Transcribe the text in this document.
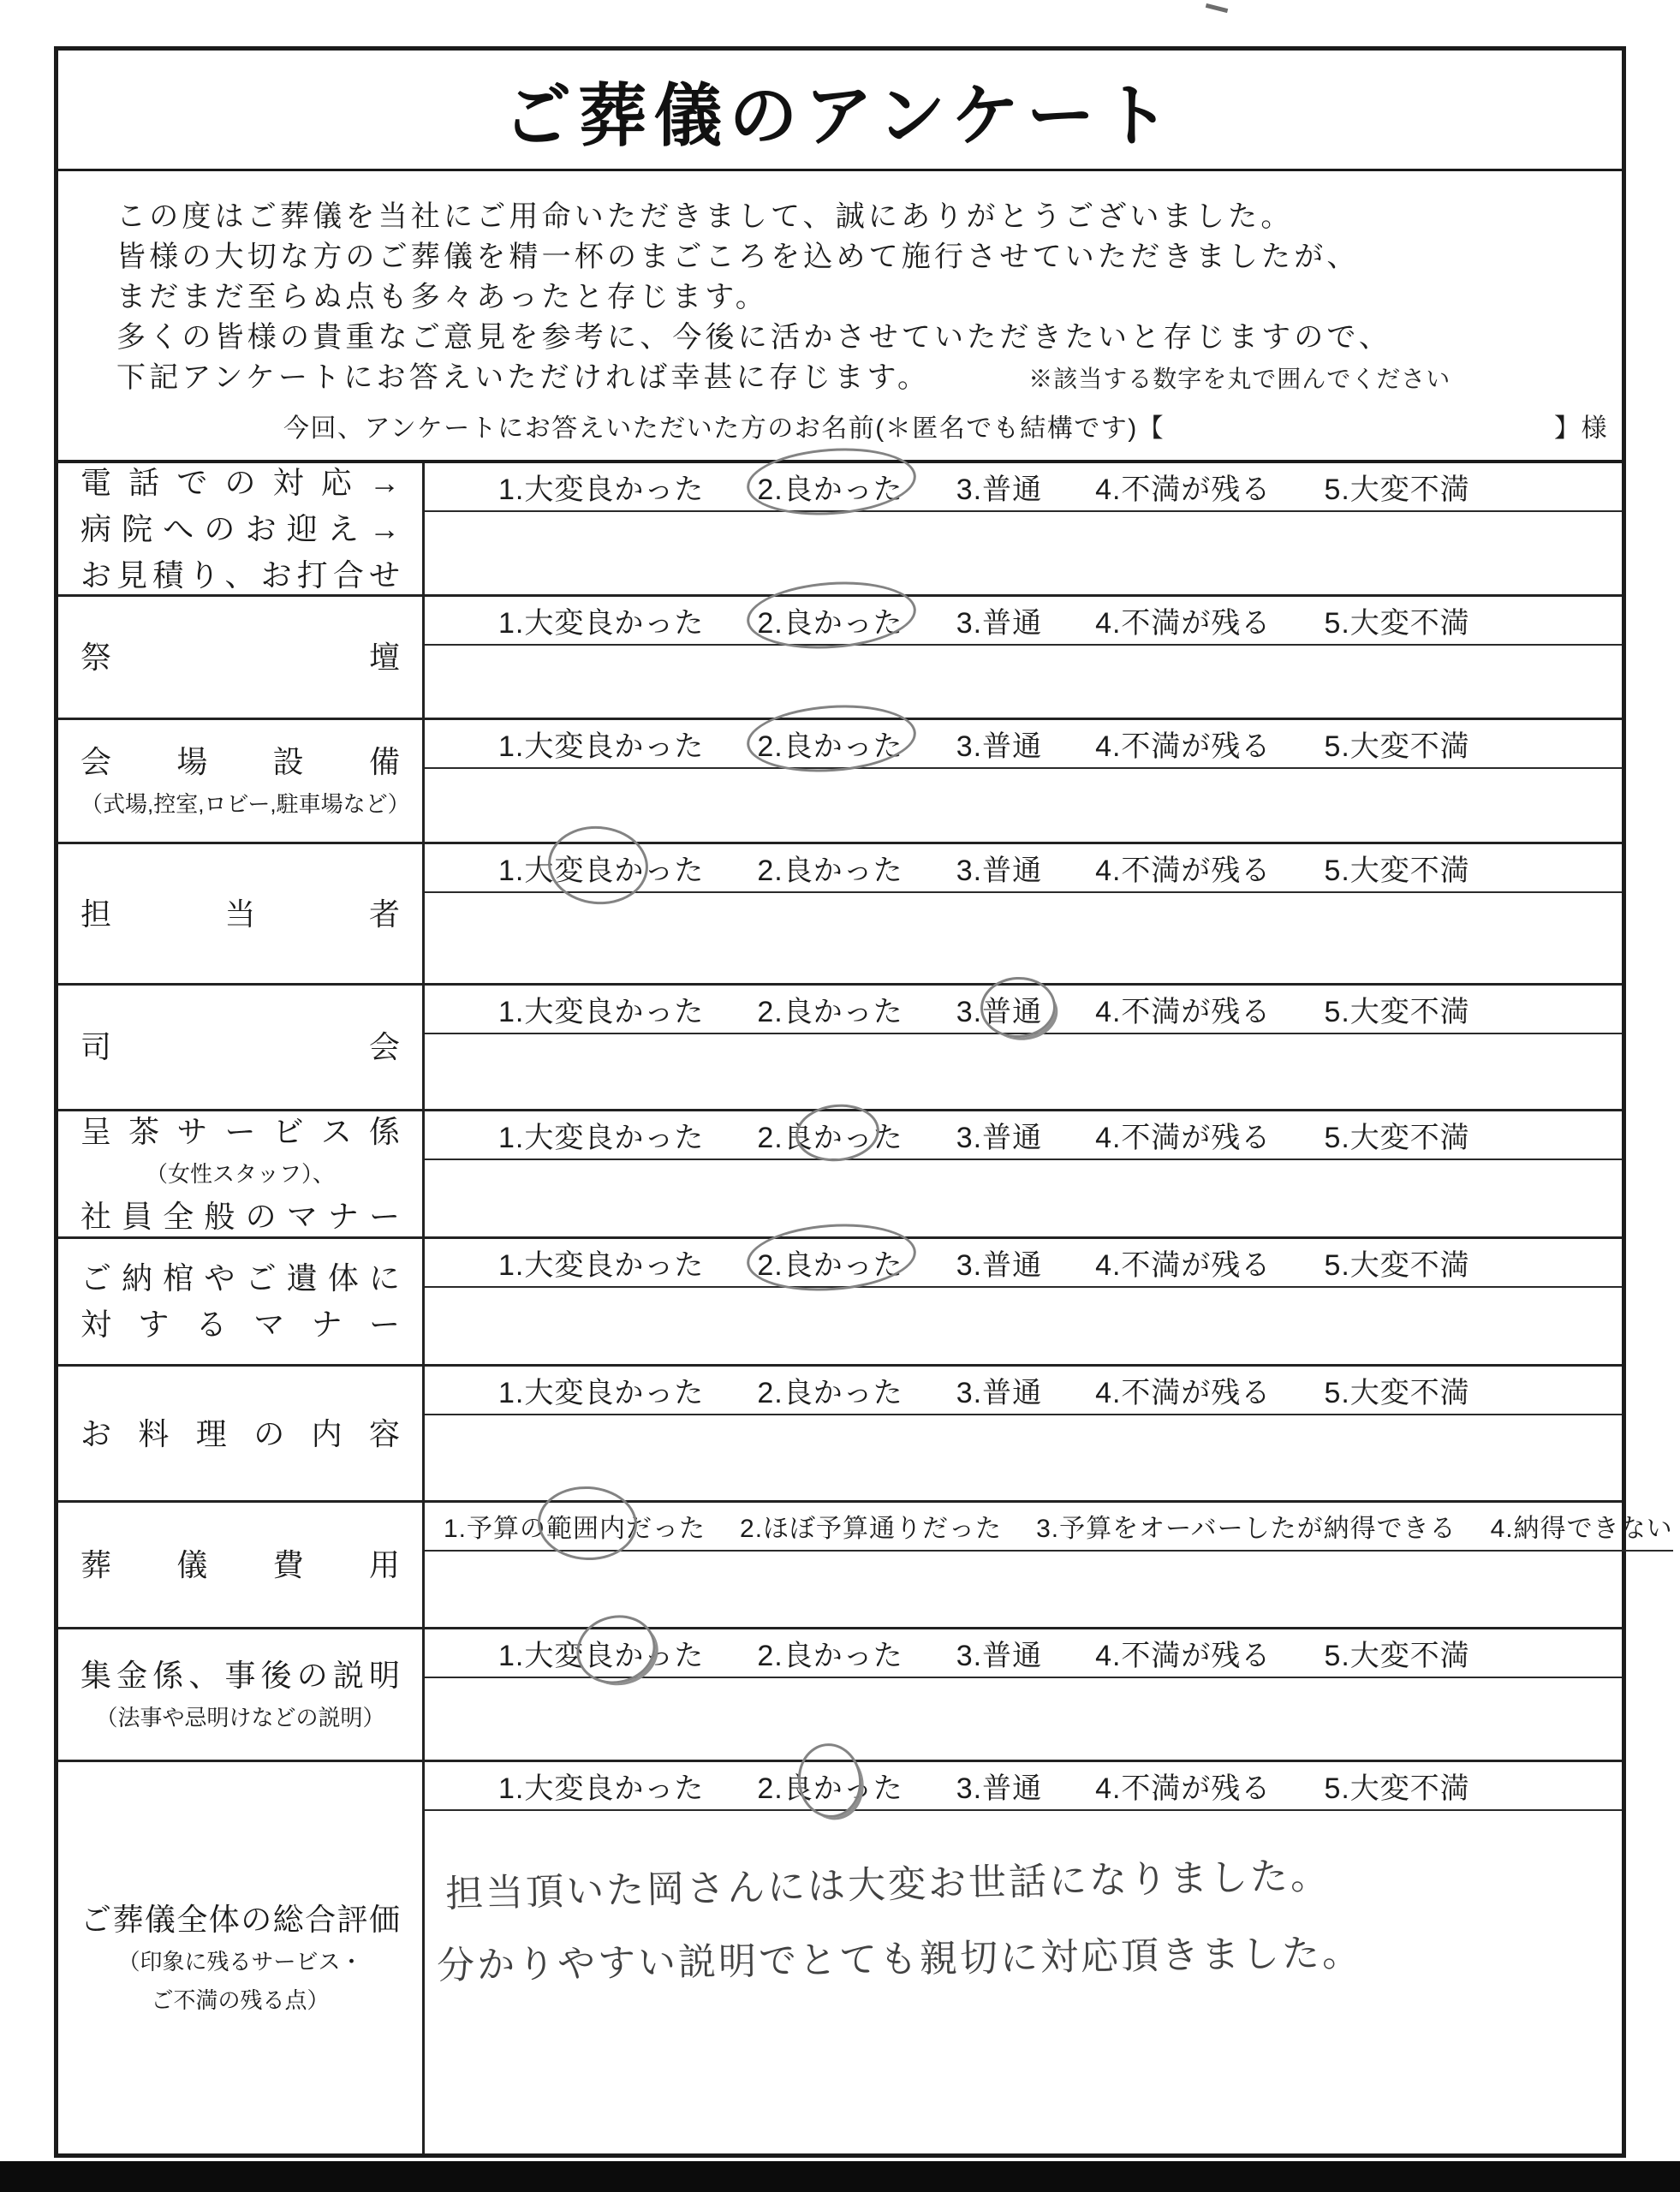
ご葬儀のアンケート
この度はご葬儀を当社にご用命いただきまして、誠にありがとうございました。
皆様の大切な方のご葬儀を精一杯のまごころを込めて施行させていただきましたが、
まだまだ至らぬ点も多々あったと存じます。
多くの皆様の貴重なご意見を参考に、今後に活かさせていただきたいと存じますので、
下記アンケートにお答えいただければ幸甚に存じます。	※該当する数字を丸で囲んでください
今回、アンケートにお答えいただいた方のお名前(＊匿名でも結構です)【	】様
電話での対応→
病院へのお迎え→
お見積り、お打合せ
1.大変良かった 2.良かった 3.普通 4.不満が残る 5.大変不満
祭壇
1.大変良かった 2.良かった 3.普通 4.不満が残る 5.大変不満
会場設備
（式場,控室,ロビー,駐車場など）
1.大変良かった 2.良かった 3.普通 4.不満が残る 5.大変不満
担当者
1.大変良かった 2.良かった 3.普通 4.不満が残る 5.大変不満
司会
1.大変良かった 2.良かった 3.普通 4.不満が残る 5.大変不満
呈茶サービス係
（女性スタッフ）、
社員全般のマナー
1.大変良かった 2.良かった 3.普通 4.不満が残る 5.大変不満
ご納棺やご遺体に
対するマナー
1.大変良かった 2.良かった 3.普通 4.不満が残る 5.大変不満
お料理の内容
1.大変良かった 2.良かった 3.普通 4.不満が残る 5.大変不満
葬儀費用
1.予算の範囲内だった 2.ほぼ予算通りだった 3.予算をオーバーしたが納得できる 4.納得できない
集金係、事後の説明
（法事や忌明けなどの説明）
1.大変良かった 2.良かった 3.普通 4.不満が残る 5.大変不満
ご葬儀全体の総合評価
（印象に残るサービス・
ご不満の残る点）
1.大変良かった 2.良かった 3.普通 4.不満が残る 5.大変不満
担当頂いた岡さんには大変お世話になりました。
分かりやすい説明でとても親切に対応頂きました。
